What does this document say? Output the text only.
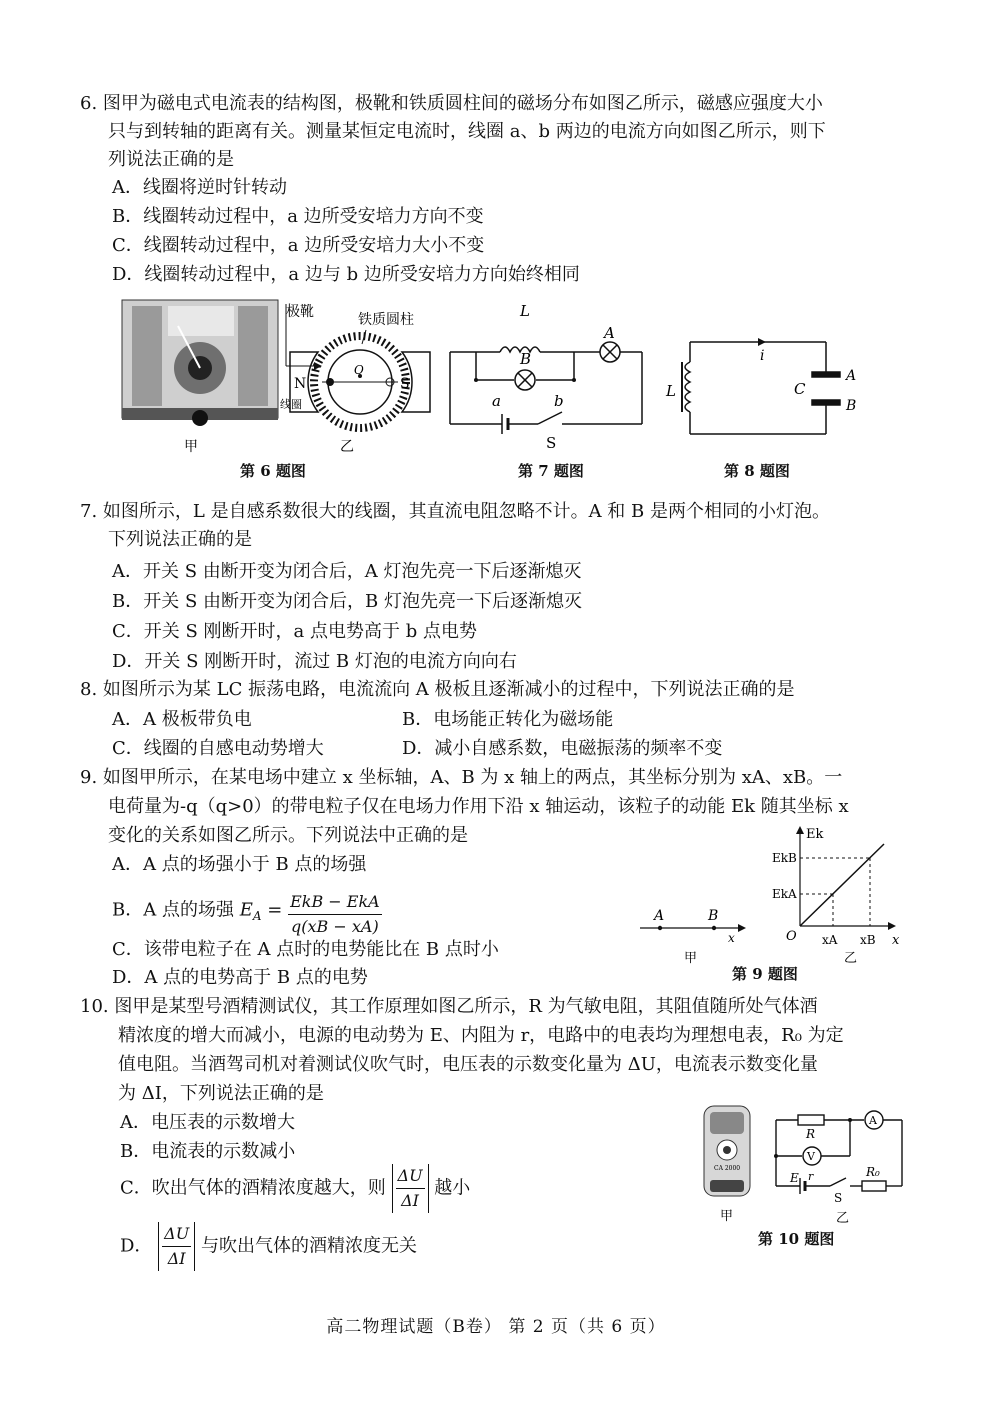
6. 图甲为磁电式电流表的结构图，极靴和铁质圆柱间的磁场分布如图乙所示，磁感应强度大小
只与到转轴的距离有关。测量某恒定电流时，线圈 a、b 两边的电流方向如图乙所示，则下
列说法正确的是
A．线圈将逆时针转动
B．线圈转动过程中，a 边所受安培力方向不变
C．线圈转动过程中，a 边所受安培力大小不变
D．线圈转动过程中，a 边与 b 边所受安培力方向始终相同
甲
极靴	铁质圆柱
N	S
O
线圈
乙
第 6 题图
L
B
A
a	b
S
第 7 题图
i
L	C
A
B
第 8 题图
7. 如图所示，L 是自感系数很大的线圈，其直流电阻忽略不计。A 和 B 是两个相同的小灯泡。
下列说法正确的是
A．开关 S 由断开变为闭合后，A 灯泡先亮一下后逐渐熄灭
B．开关 S 由断开变为闭合后，B 灯泡先亮一下后逐渐熄灭
C．开关 S 刚断开时，a 点电势高于 b 点电势
D．开关 S 刚断开时，流过 B 灯泡的电流方向向右
8. 如图所示为某 LC 振荡电路，电流流向 A 极板且逐渐减小的过程中，下列说法正确的是
A．A 极板带负电	B．电场能正转化为磁场能
C．线圈的自感电动势增大	D．减小自感系数，电磁振荡的频率不变
9. 如图甲所示，在某电场中建立 x 坐标轴，A、B 为 x 轴上的两点，其坐标分别为 xA、xB。一
电荷量为-q（q>0）的带电粒子仅在电场力作用下沿 x 轴运动，该粒子的动能 Ek 随其坐标 x
变化的关系如图乙所示。下列说法中正确的是
A．A 点的场强小于 B 点的场强
B．A 点的场强 $E_A = \frac{\text{EkB − EkA}}{q(xB - xA)}$
C．该带电粒子在 A 点时的电势能比在 B 点时小
D．A 点的电势高于 B 点的电势
A	B
x
甲
Ek
EkB
EkA
O xA xB x
乙
第 9 题图
10. 图甲是某型号酒精测试仪，其工作原理如图乙所示，R 为气敏电阻，其阻值随所处气体酒
精浓度的增大而减小，电源的电动势为 E、内阻为 r，电路中的电表均为理想电表，R₀ 为定
值电阻。当酒驾司机对着测试仪吹气时，电压表的示数变化量为 ΔU，电流表示数变化量
为 ΔI，下列说法正确的是
A．电压表的示数增大
B．电流表的示数减小
C．吹出气体的酒精浓度越大，则 $\frac{\Delta U}{\Delta I}$ 越小
D． $\frac{\Delta U}{\Delta I}$ 与吹出气体的酒精浓度无关
CA 2000
甲
R
A
V
E r
S
R₀
乙
第 10 题图
高二物理试题（B卷） 第 2 页（共 6 页）
